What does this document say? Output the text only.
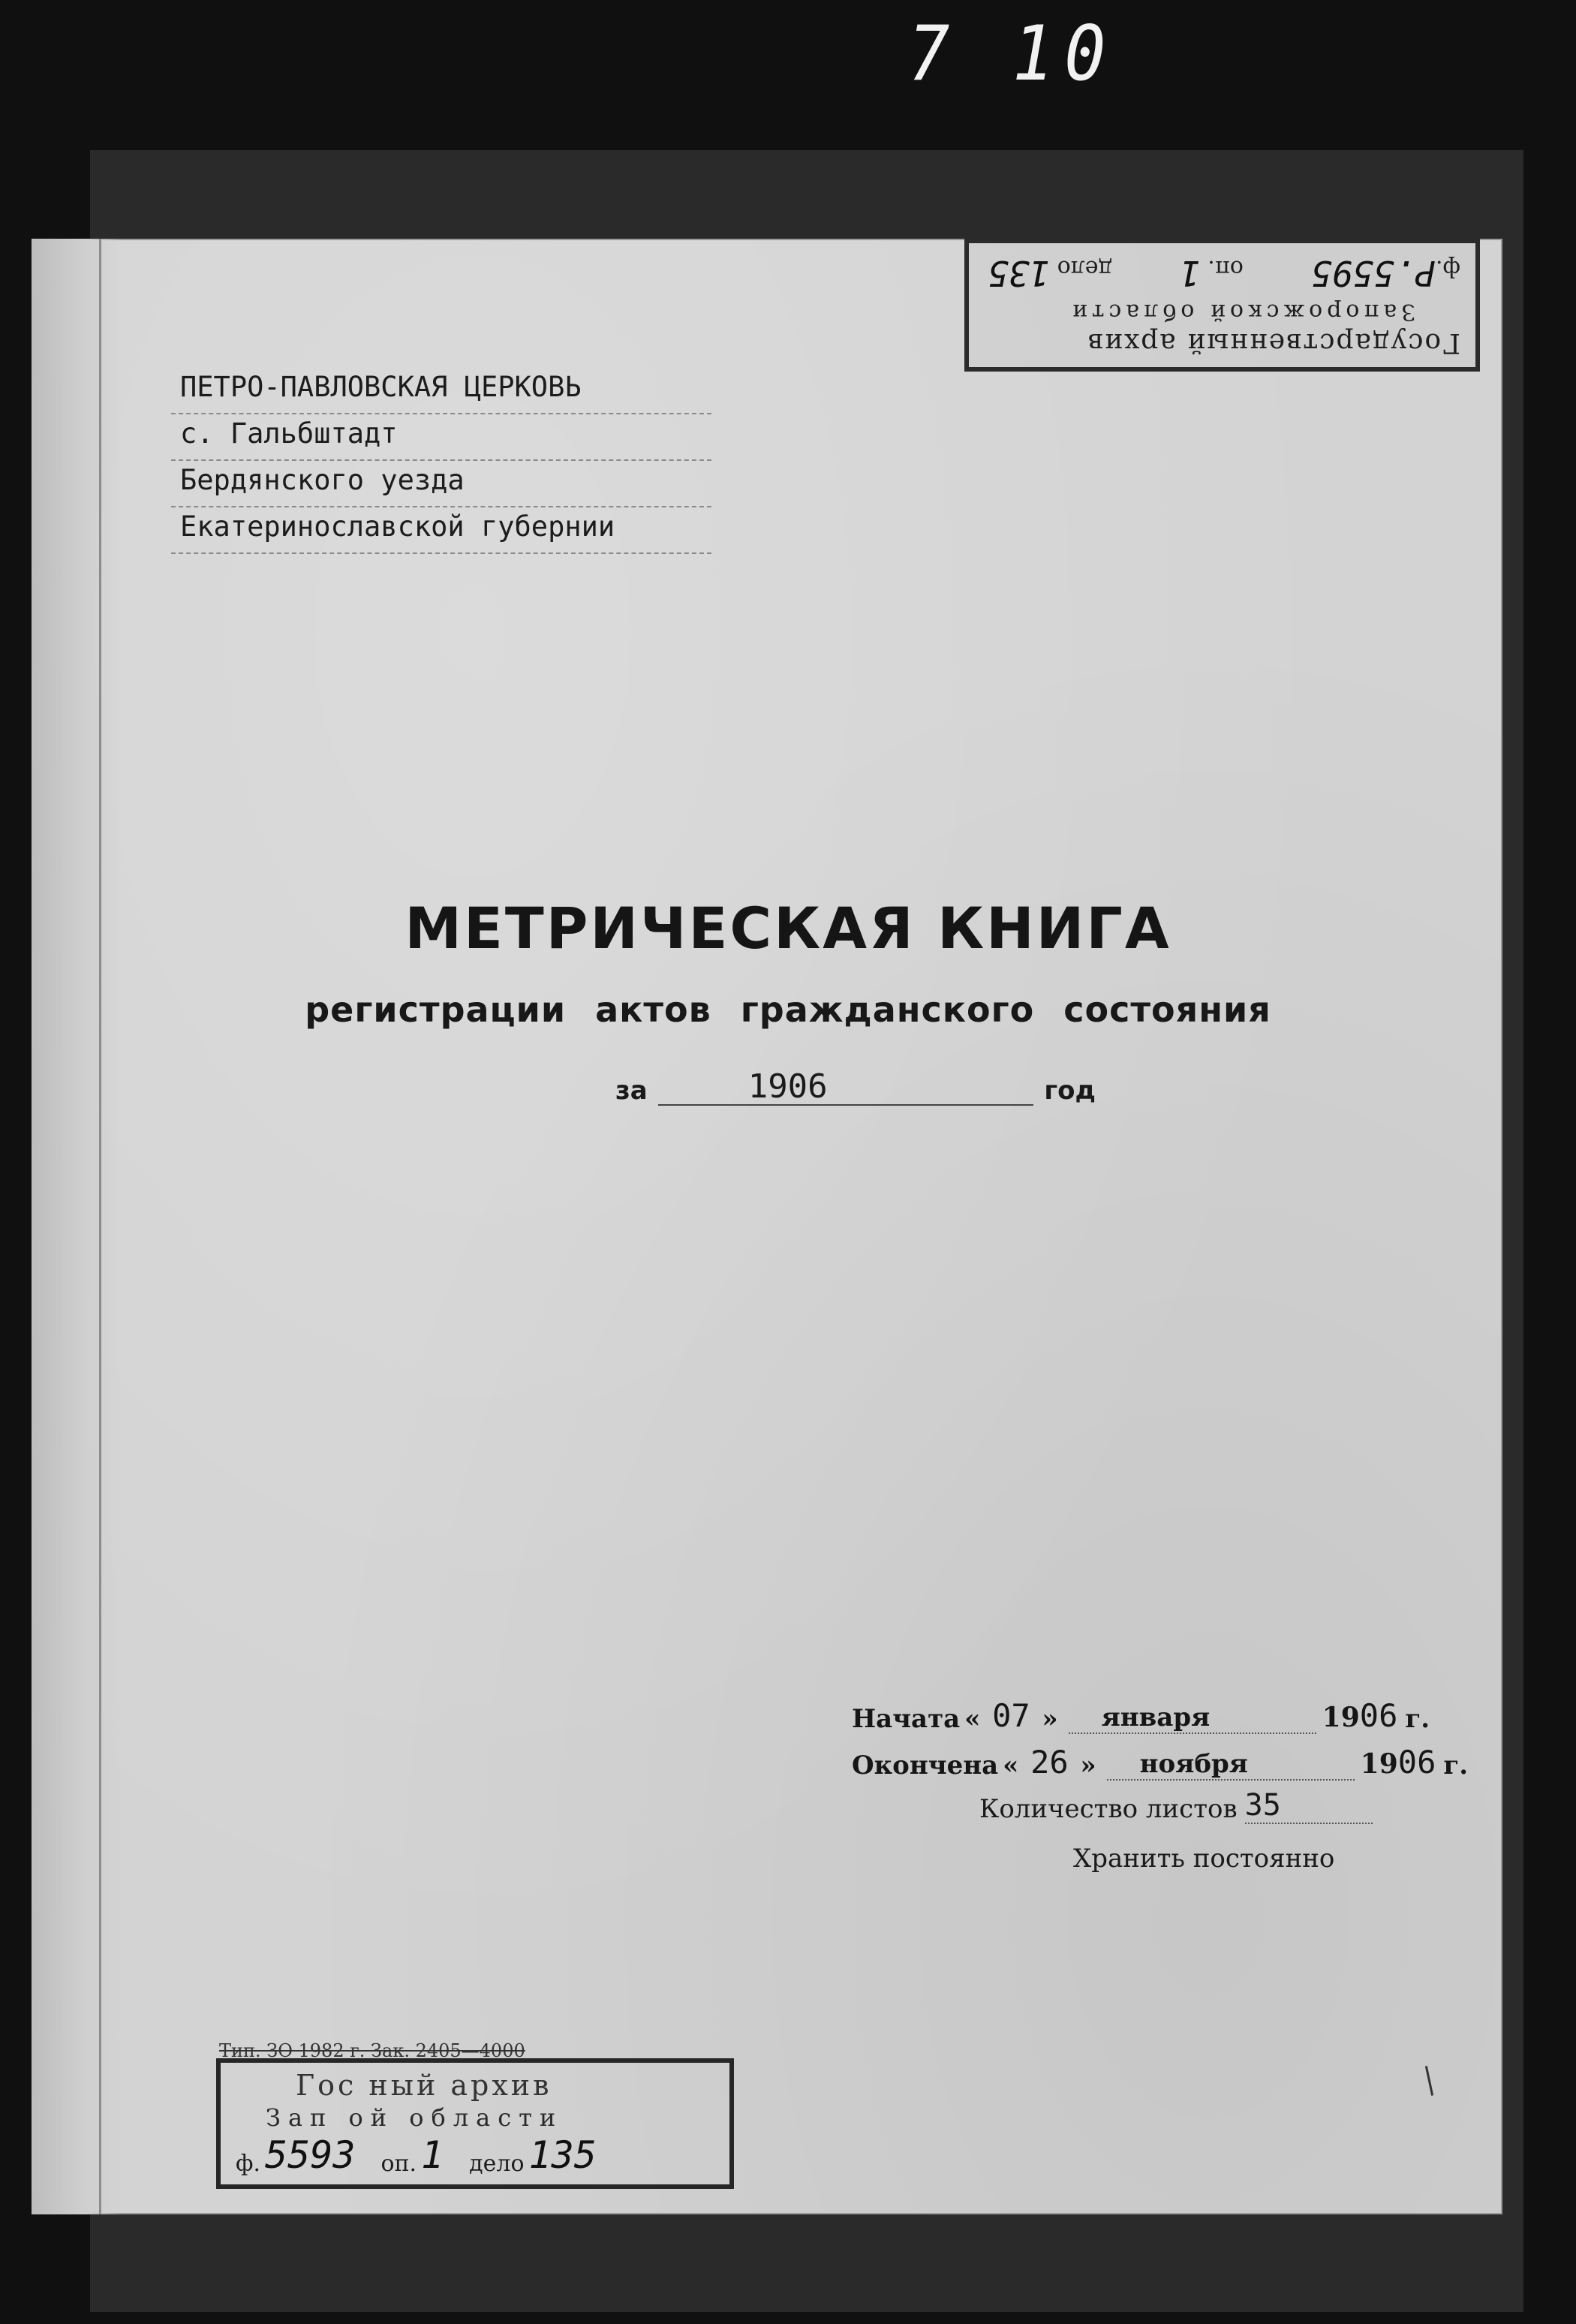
7 10
Государственный архив
Запорожской области
ф.Р.5595
оп. 1
дело 135
ПЕТРО-ПАВЛОВСКАЯ ЦЕРКОВЬ
с. Гальбштадт
Бердянского уезда
Екатеринославской губернии
МЕТРИЧЕСКАЯ КНИГА
регистрации актов гражданского состояния
за	1906	год
Начата « 07 »	января	1906 г.
Окончена « 26 »	ноября	1906 г.
Количество листов 35
Хранить постоянно
Тип. ЗО 1982 г. Зак. 2405—4000
Гос ный архив
Зап ой области
ф. 5593 оп. 1 дело 135
